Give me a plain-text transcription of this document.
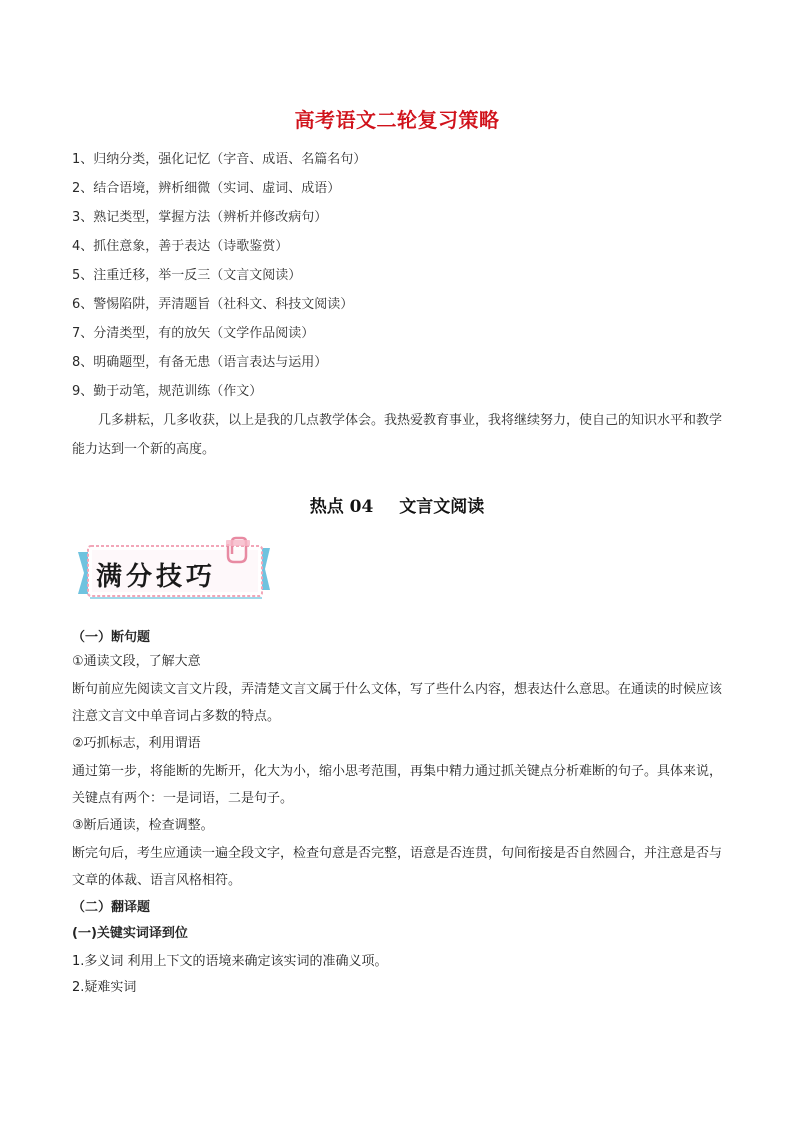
高考语文二轮复习策略
1、归纳分类，强化记忆（字音、成语、名篇名句）
2、结合语境，辨析细微（实词、虚词、成语）
3、熟记类型，掌握方法（辨析并修改病句）
4、抓住意象，善于表达（诗歌鉴赏）
5、注重迁移，举一反三（文言文阅读）
6、警惕陷阱，弄清题旨（社科文、科技文阅读）
7、分清类型，有的放矢（文学作品阅读）
8、明确题型，有备无患（语言表达与运用）
9、勤于动笔，规范训练（作文）
几多耕耘，几多收获，以上是我的几点教学体会。我热爱教育事业，我将继续努力，使自己的知识水平和教学能力达到一个新的高度。
热点 04 文言文阅读
满分技巧
（一）断句题
①通读文段，了解大意
断句前应先阅读文言文片段，弄清楚文言文属于什么文体，写了些什么内容，想表达什么意思。在通读的时候应该注意文言文中单音词占多数的特点。
②巧抓标志，利用谓语
通过第一步，将能断的先断开，化大为小，缩小思考范围，再集中精力通过抓关键点分析难断的句子。具体来说，关键点有两个：一是词语，二是句子。
③断后通读，检查调整。
断完句后，考生应通读一遍全段文字，检查句意是否完整，语意是否连贯，句间衔接是否自然圆合，并注意是否与文章的体裁、语言风格相符。
（二）翻译题
(一)关键实词译到位
1.多义词 利用上下文的语境来确定该实词的准确义项。
2.疑难实词
